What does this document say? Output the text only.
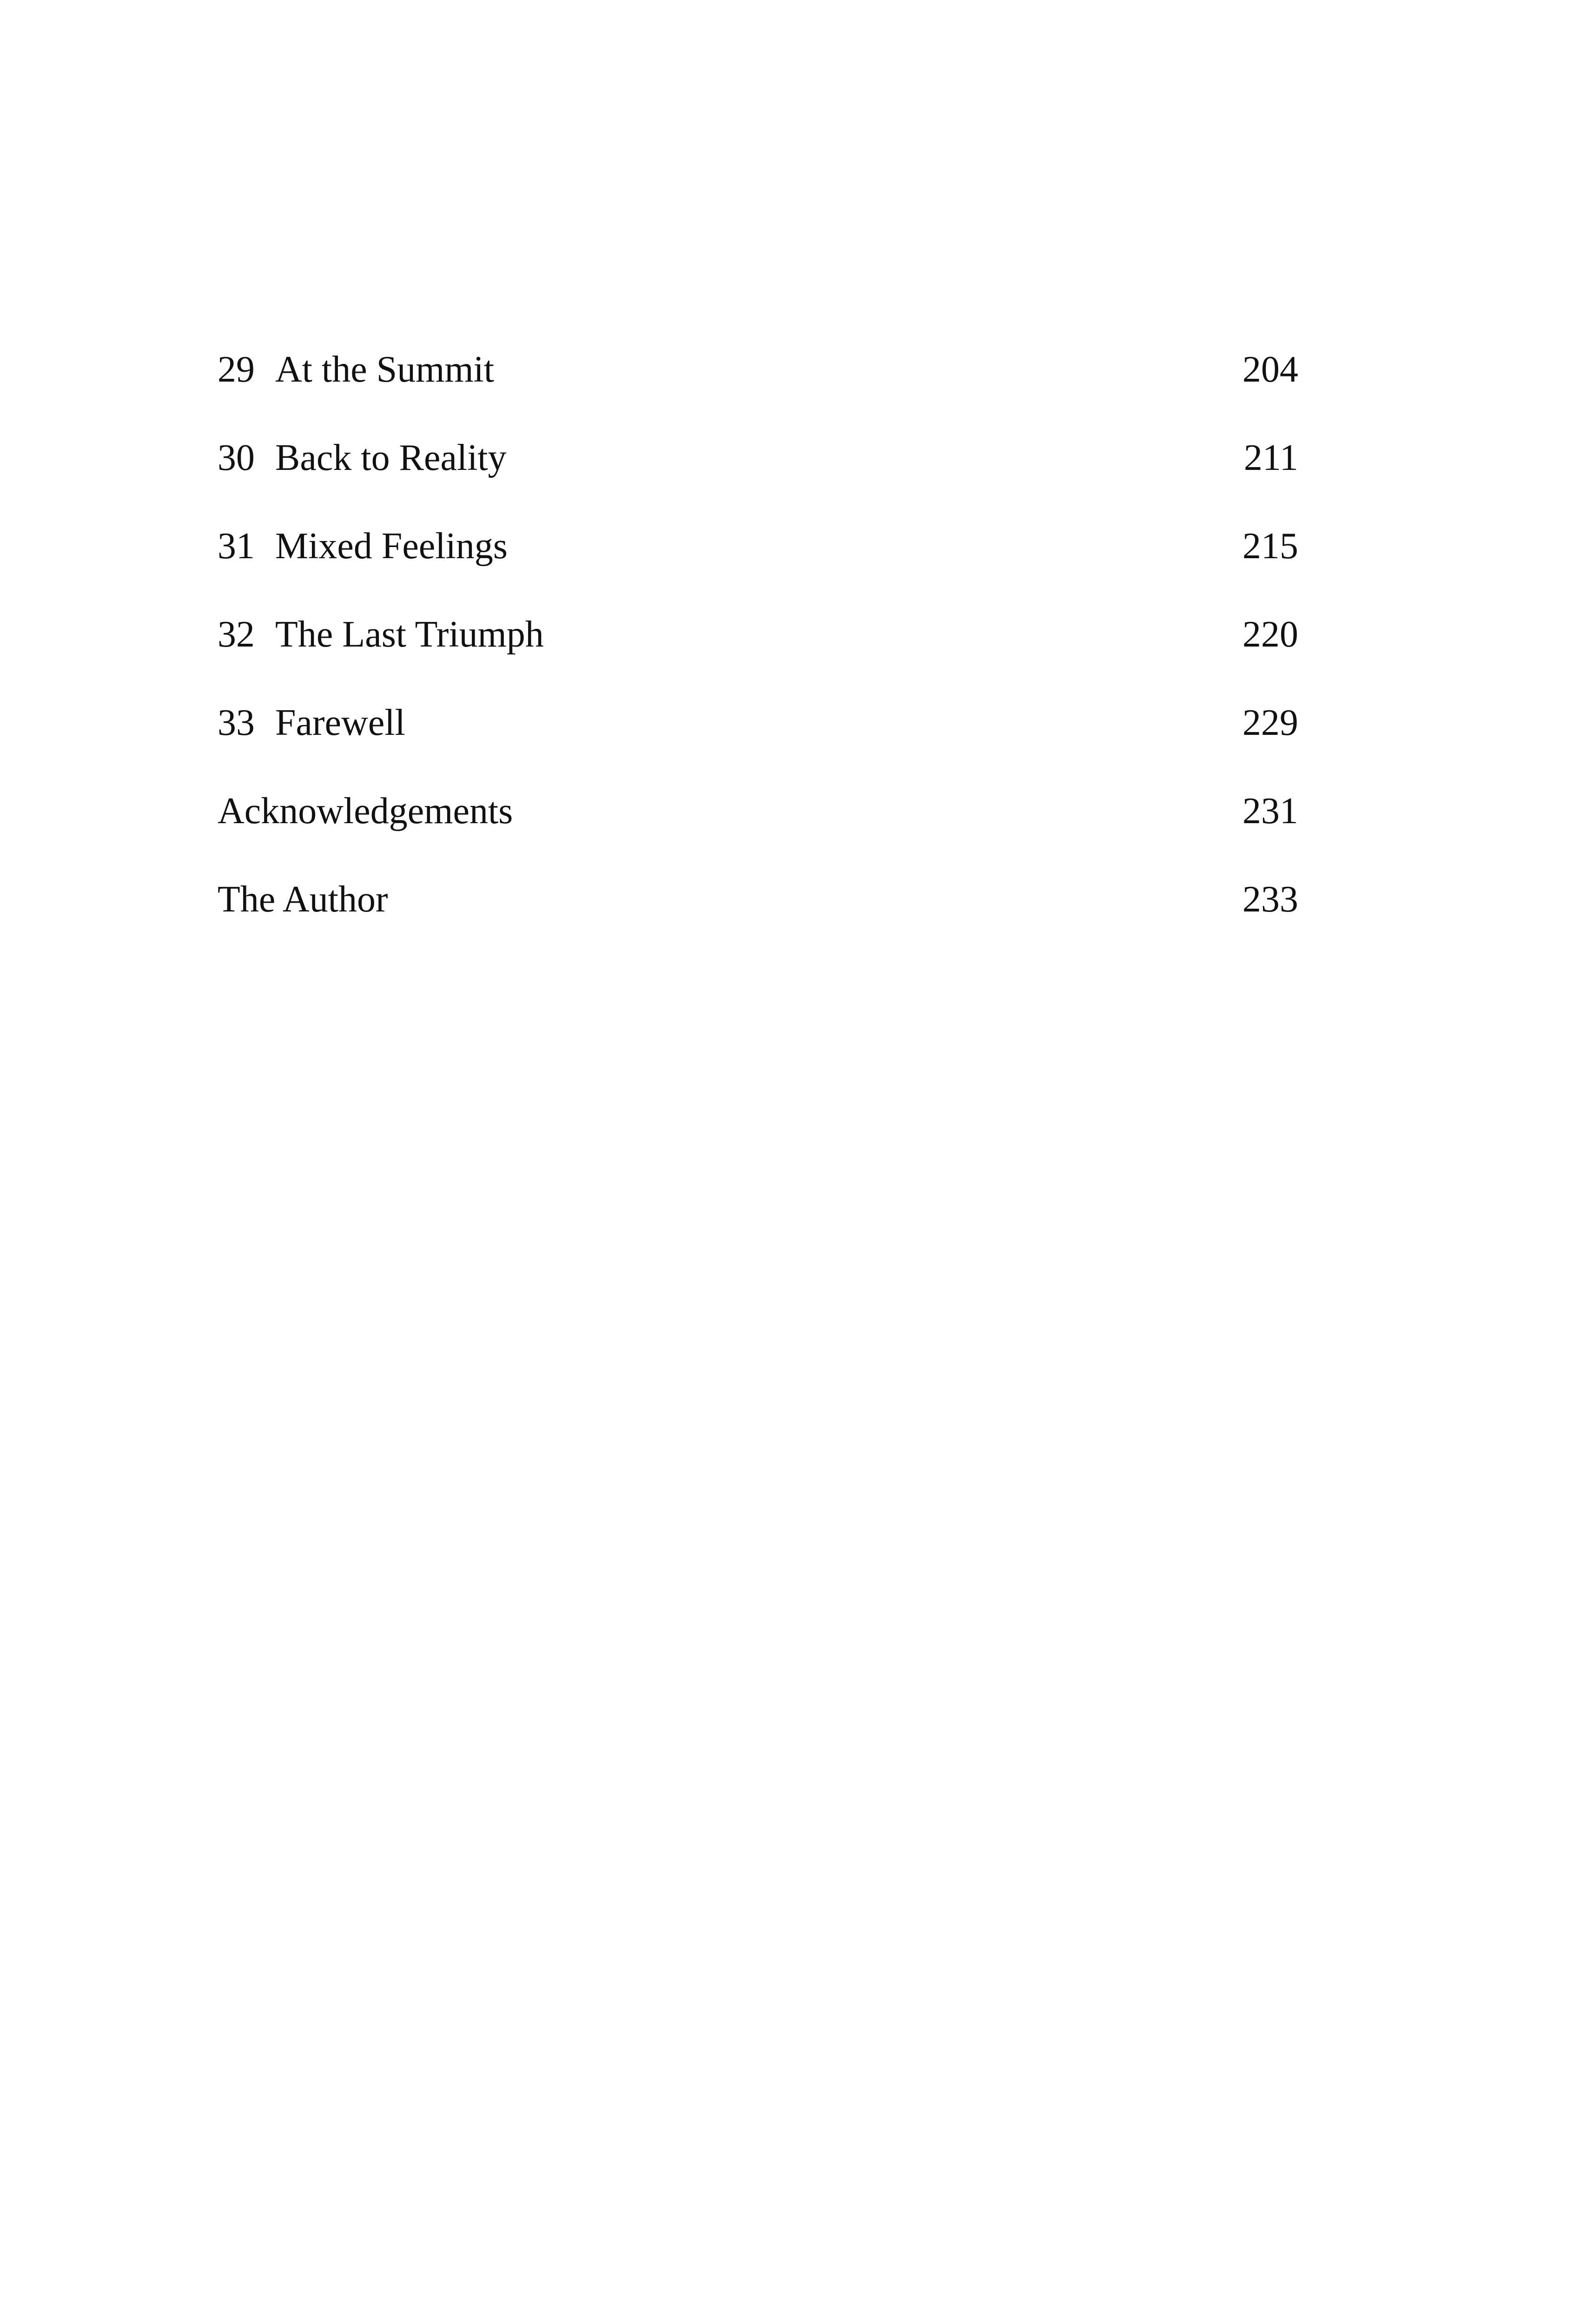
29 At the Summit	204
30 Back to Reality	211
31 Mixed Feelings	215
32 The Last Triumph	220
33 Farewell	229
Acknowledgements	231
The Author	233
